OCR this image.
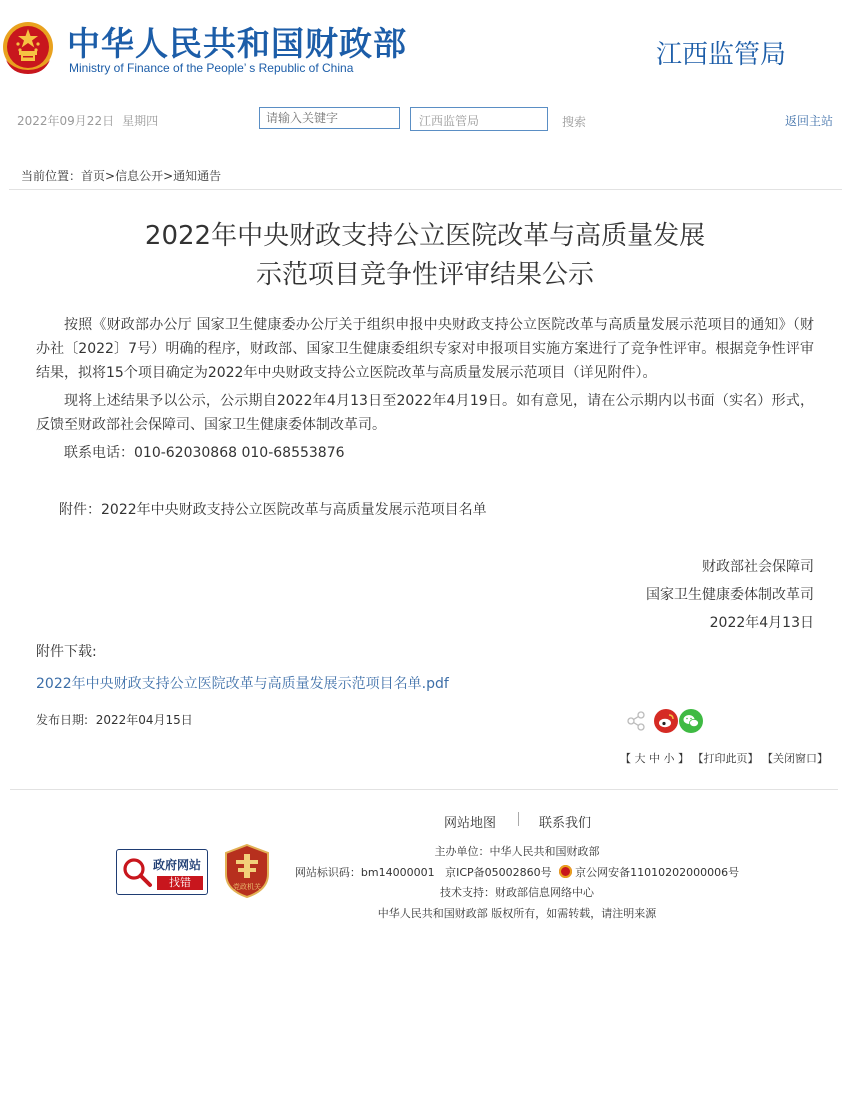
中华人民共和国财政部
Ministry of Finance of the People’ s Republic of China	江西监管局
2022年09月22日 星期四
请输入关键字	江西监管局	搜索	返回主站
当前位置：首页>信息公开>通知通告
2022年中央财政支持公立医院改革与高质量发展
示范项目竞争性评审结果公示
按照《财政部办公厅 国家卫生健康委办公厅关于组织申报中央财政支持公立医院改革与高质量发展示范项目的通知》（财办社〔2022〕7号）明确的程序，财政部、国家卫生健康委组织专家对申报项目实施方案进行了竞争性评审。根据竞争性评审结果，拟将15个项目确定为2022年中央财政支持公立医院改革与高质量发展示范项目（详见附件）。
现将上述结果予以公示，公示期自2022年4月13日至2022年4月19日。如有意见，请在公示期内以书面（实名）形式，反馈至财政部社会保障司、国家卫生健康委体制改革司。
联系电话：010-62030868 010-68553876
附件：2022年中央财政支持公立医院改革与高质量发展示范项目名单
财政部社会保障司
国家卫生健康委体制改革司
2022年4月13日
附件下载:
2022年中央财政支持公立医院改革与高质量发展示范项目名单.pdf
发布日期: 2022年04月15日
【 大 中 小 】 【打印此页】 【关闭窗口】
网站地图	联系我们
政府网站
找错	党政机关
主办单位：中华人民共和国财政部
网站标识码：bm14000001 京ICP备05002860号 京公网安备11010202000006号
技术支持：财政部信息网络中心
中华人民共和国财政部 版权所有，如需转载，请注明来源
